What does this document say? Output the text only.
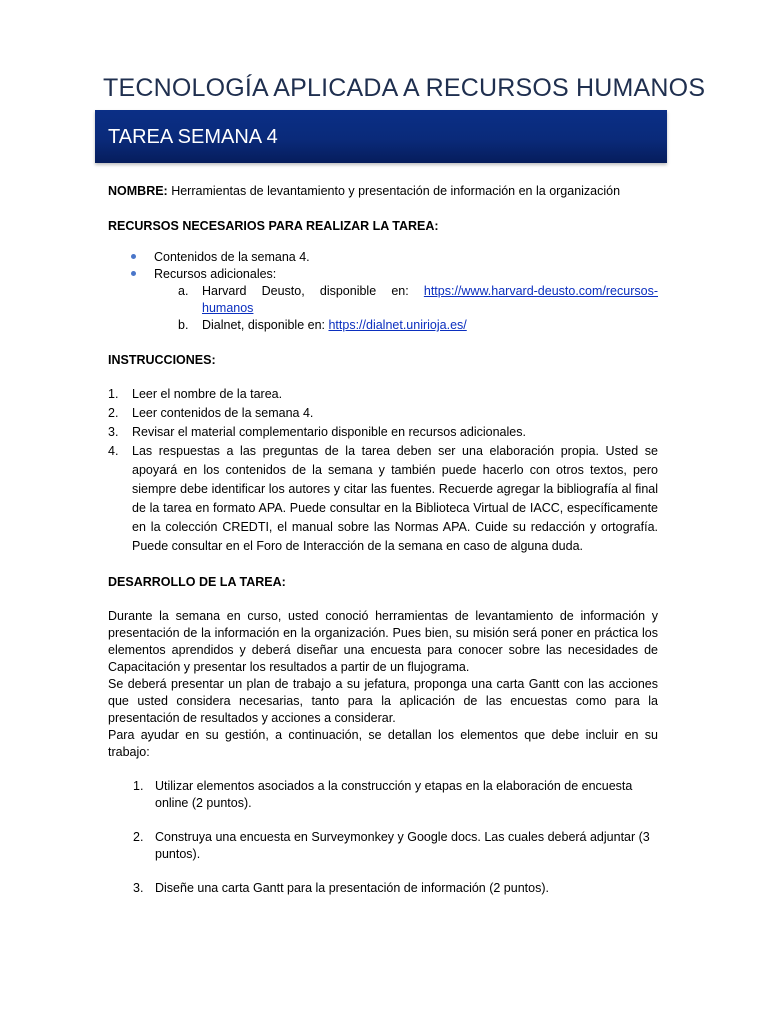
TECNOLOGÍA APLICADA A RECURSOS HUMANOS
TAREA SEMANA 4

NOMBRE: Herramientas de levantamiento y presentación de información en la organización

RECURSOS NECESARIOS PARA REALIZAR LA TAREA:

Contenidos de la semana 4.
Recursos adicionales:
a. Harvard Deusto, disponible en: https://www.harvard-deusto.com/recursos-humanos
b. Dialnet, disponible en: https://dialnet.unirioja.es/

INSTRUCCIONES:

1. Leer el nombre de la tarea.
2. Leer contenidos de la semana 4.
3. Revisar el material complementario disponible en recursos adicionales.
4. Las respuestas a las preguntas de la tarea deben ser una elaboración propia. Usted se apoyará en los contenidos de la semana y también puede hacerlo con otros textos, pero siempre debe identificar los autores y citar las fuentes. Recuerde agregar la bibliografía al final de la tarea en formato APA. Puede consultar en la Biblioteca Virtual de IACC, específicamente en la colección CREDTI, el manual sobre las Normas APA. Cuide su redacción y ortografía. Puede consultar en el Foro de Interacción de la semana en caso de alguna duda.

DESARROLLO DE LA TAREA:

Durante la semana en curso, usted conoció herramientas de levantamiento de información y presentación de la información en la organización. Pues bien, su misión será poner en práctica los elementos aprendidos y deberá diseñar una encuesta para conocer sobre las necesidades de Capacitación y presentar los resultados a partir de un flujograma.

Se deberá presentar un plan de trabajo a su jefatura, proponga una carta Gantt con las acciones que usted considera necesarias, tanto para la aplicación de las encuestas como para la presentación de resultados y acciones a considerar.

Para ayudar en su gestión, a continuación, se detallan los elementos que debe incluir en su trabajo:

1. Utilizar elementos asociados a la construcción y etapas en la elaboración de encuesta online (2 puntos).
2. Construya una encuesta en Surveymonkey y Google docs. Las cuales deberá adjuntar (3 puntos).
3. Diseñe una carta Gantt para la presentación de información (2 puntos).
